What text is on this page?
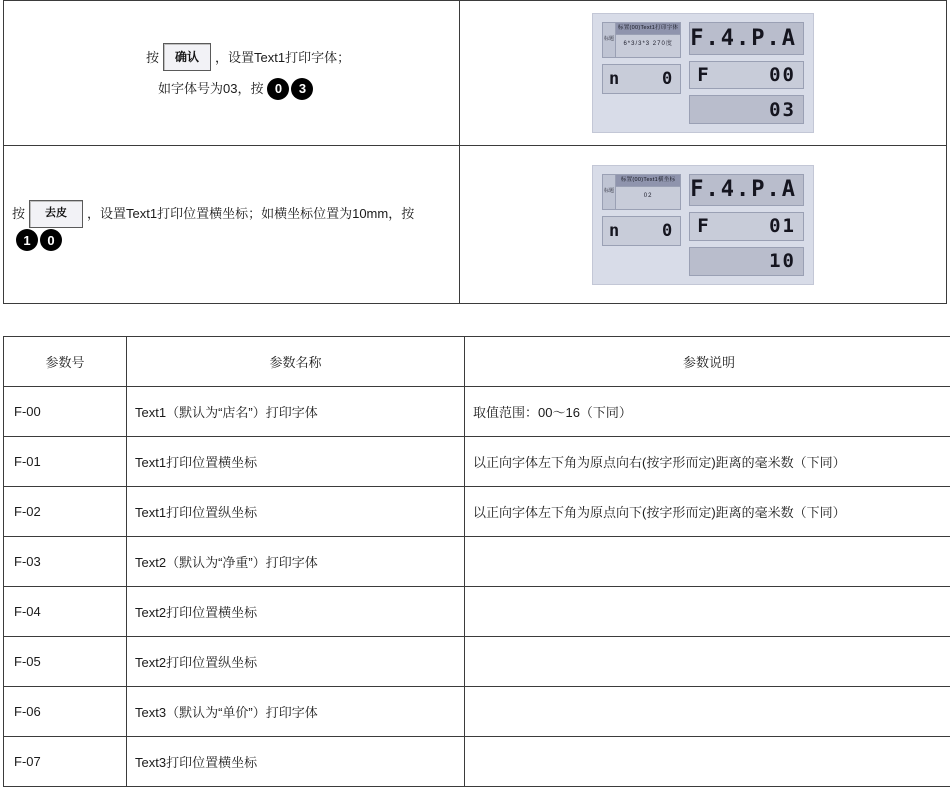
按	确认	，设置Text1打印字体；
如字体号为03，按 0	3

标题
标置(00)Text1打印字体
6*3/3*3 270度
ո 0
F.4.P.A
F	00
03

按	去皮	，设置Text1打印位置横坐标；如横坐标位置为10mm，按
1	0

标题
标置(00)Text1横坐标
02
ո 0
F.4.P.A
F	01
10
参数号	参数名称	参数说明
F-00	Text1（默认为“店名”）打印字体	取值范围：00～16（下同）
F-01	Text1打印位置横坐标	以正向字体左下角为原点向右(按字形而定)距离的毫米数（下同）
F-02	Text1打印位置纵坐标	以正向字体左下角为原点向下(按字形而定)距离的毫米数（下同）
F-03	Text2（默认为“净重”）打印字体	
F-04	Text2打印位置横坐标	
F-05	Text2打印位置纵坐标	
F-06	Text3（默认为“单价”）打印字体	
F-07	Text3打印位置横坐标	
